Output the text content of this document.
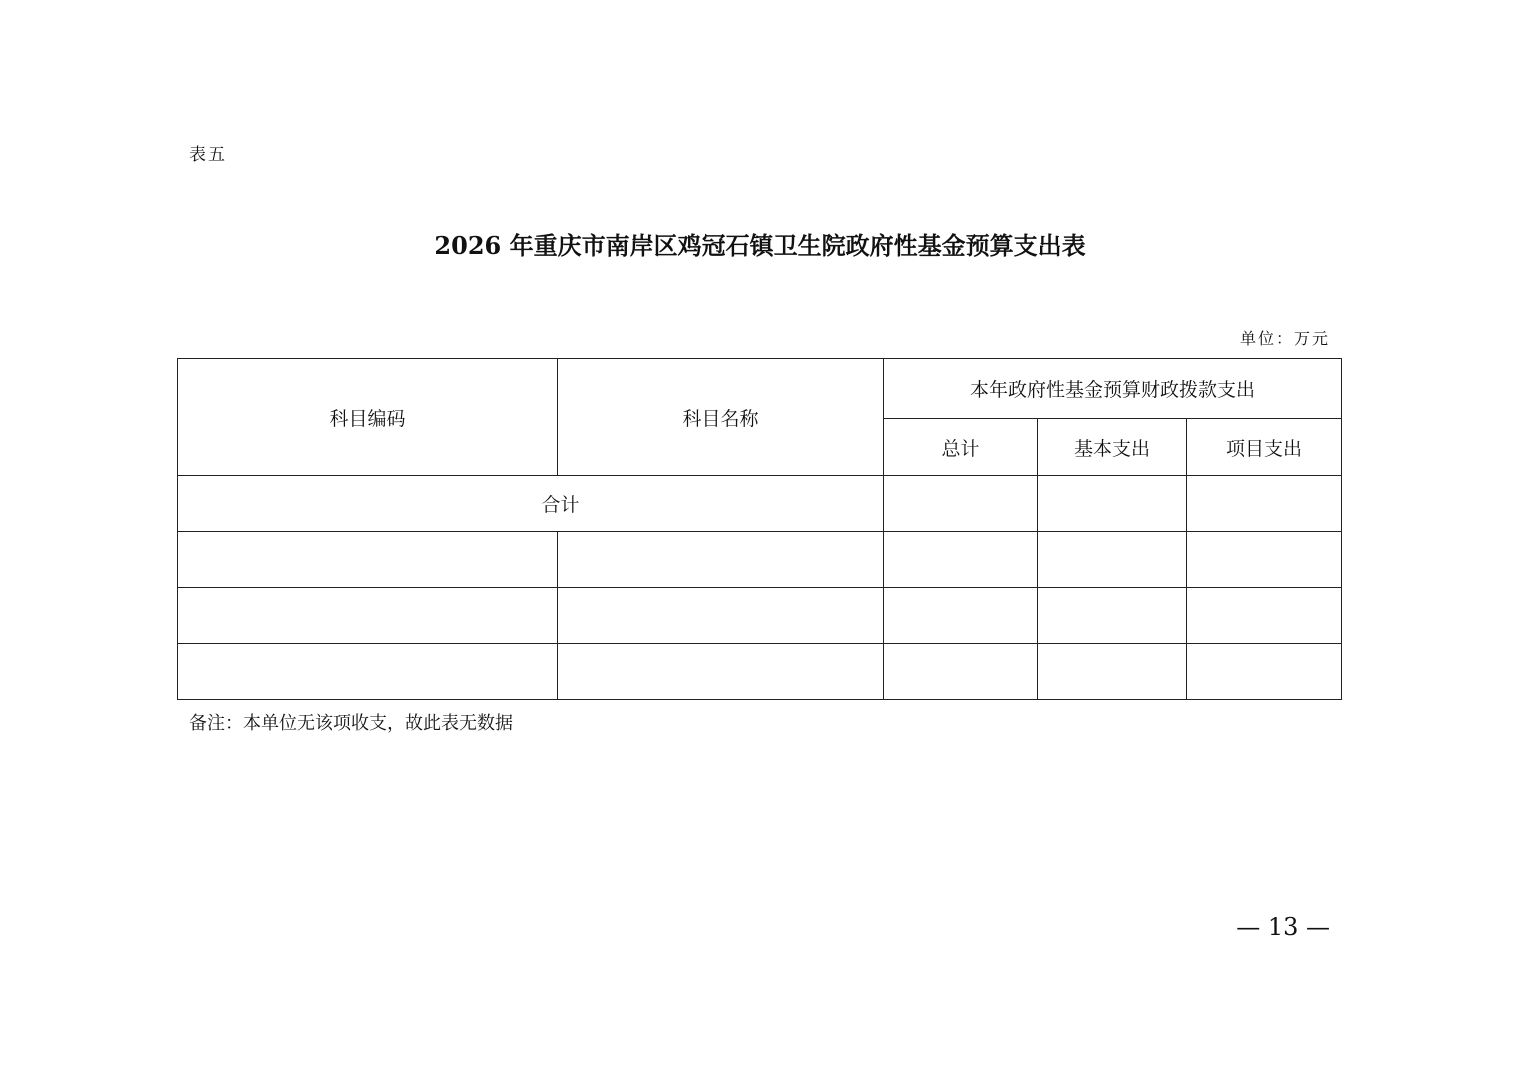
表五
2026 年重庆市南岸区鸡冠石镇卫生院政府性基金预算支出表
单位：万元
科目编码	科目名称	本年政府性基金预算财政拨款支出		
		总计	基本支出	项目支出
合计				

备注：本单位无该项收支，故此表无数据
— 13 —
